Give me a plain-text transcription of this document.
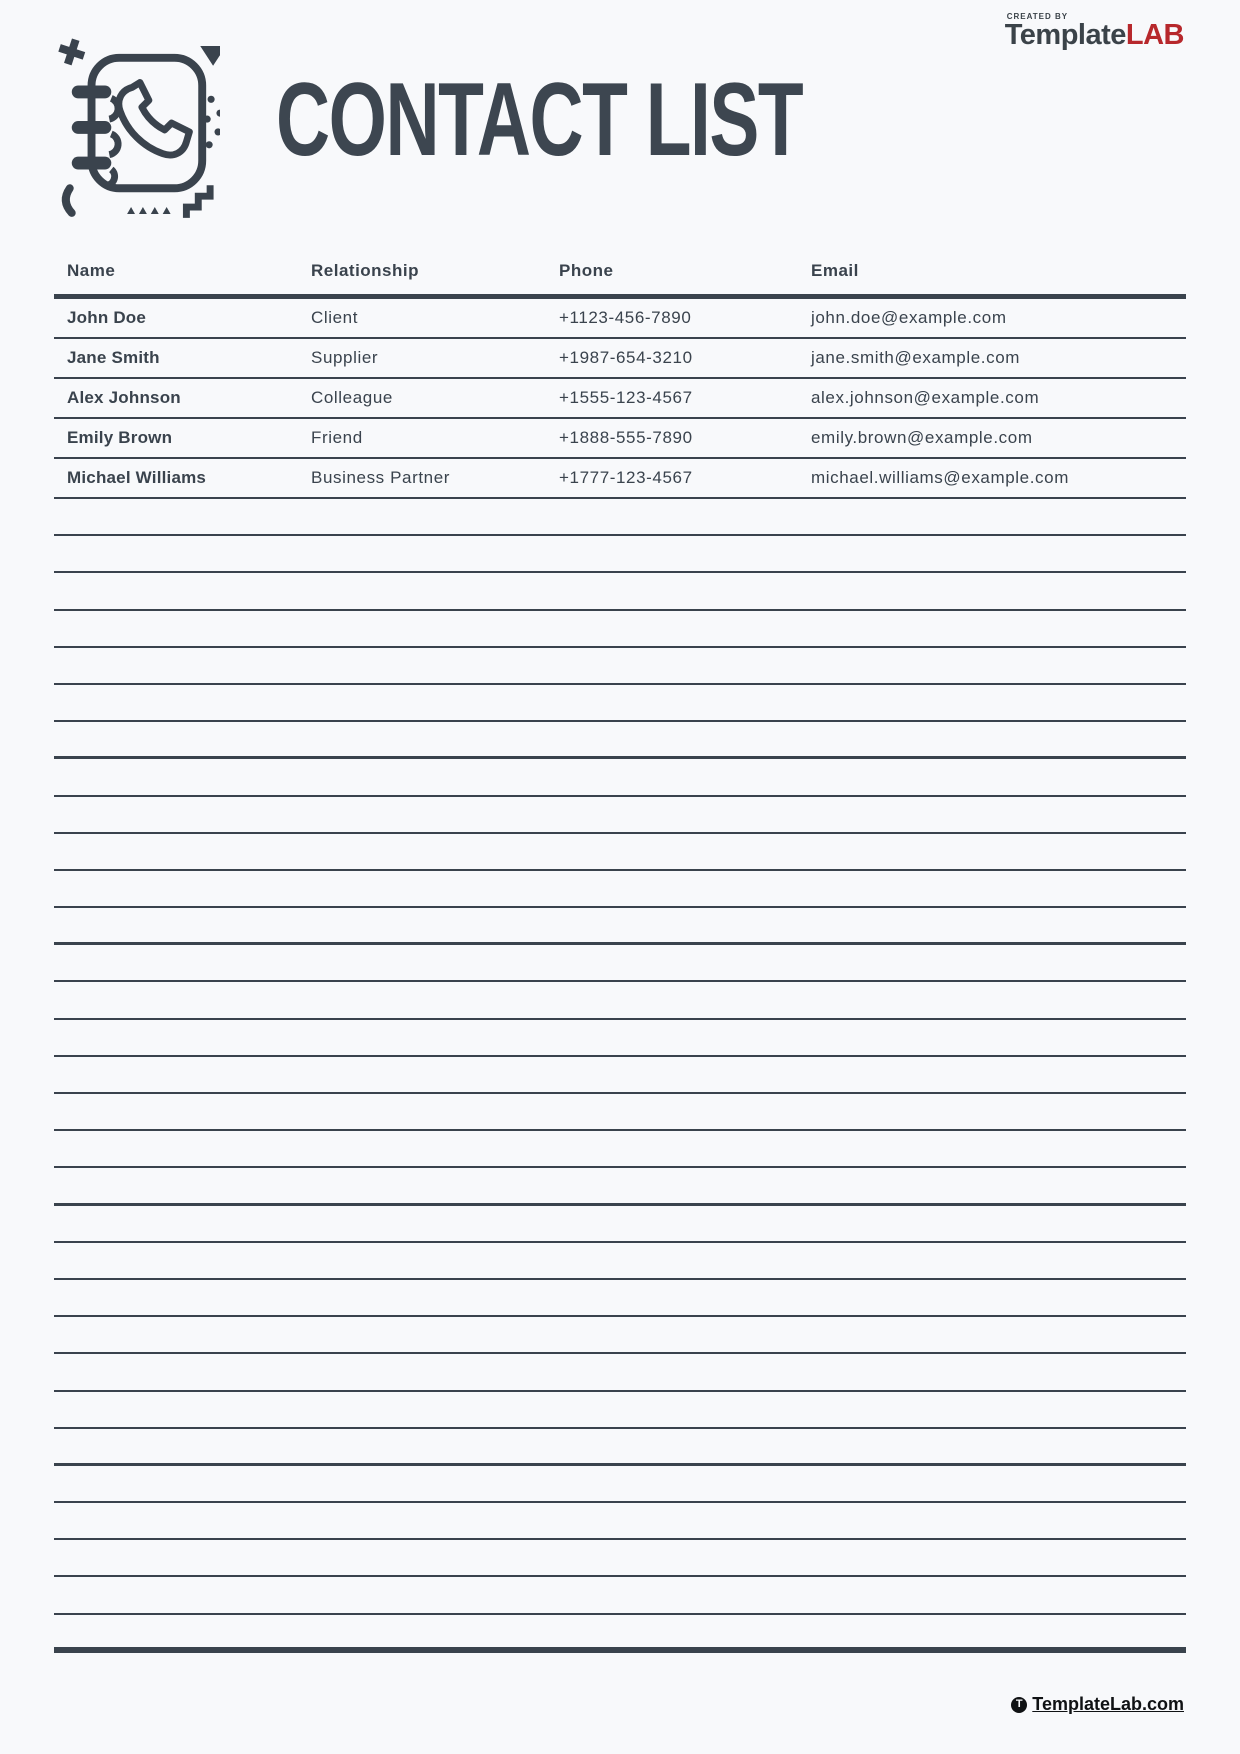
CONTACT LIST
CREATED BY
TemplateLAB
Name	Relationship	Phone	Email
John Doe	Client	+1123-456-7890	john.doe@example.com
Jane Smith	Supplier	+1987-654-3210	jane.smith@example.com
Alex Johnson	Colleague	+1555-123-4567	alex.johnson@example.com
Emily Brown	Friend	+1888-555-7890	emily.brown@example.com
Michael Williams	Business Partner	+1777-123-4567	michael.williams@example.com
T TemplateLab.com
